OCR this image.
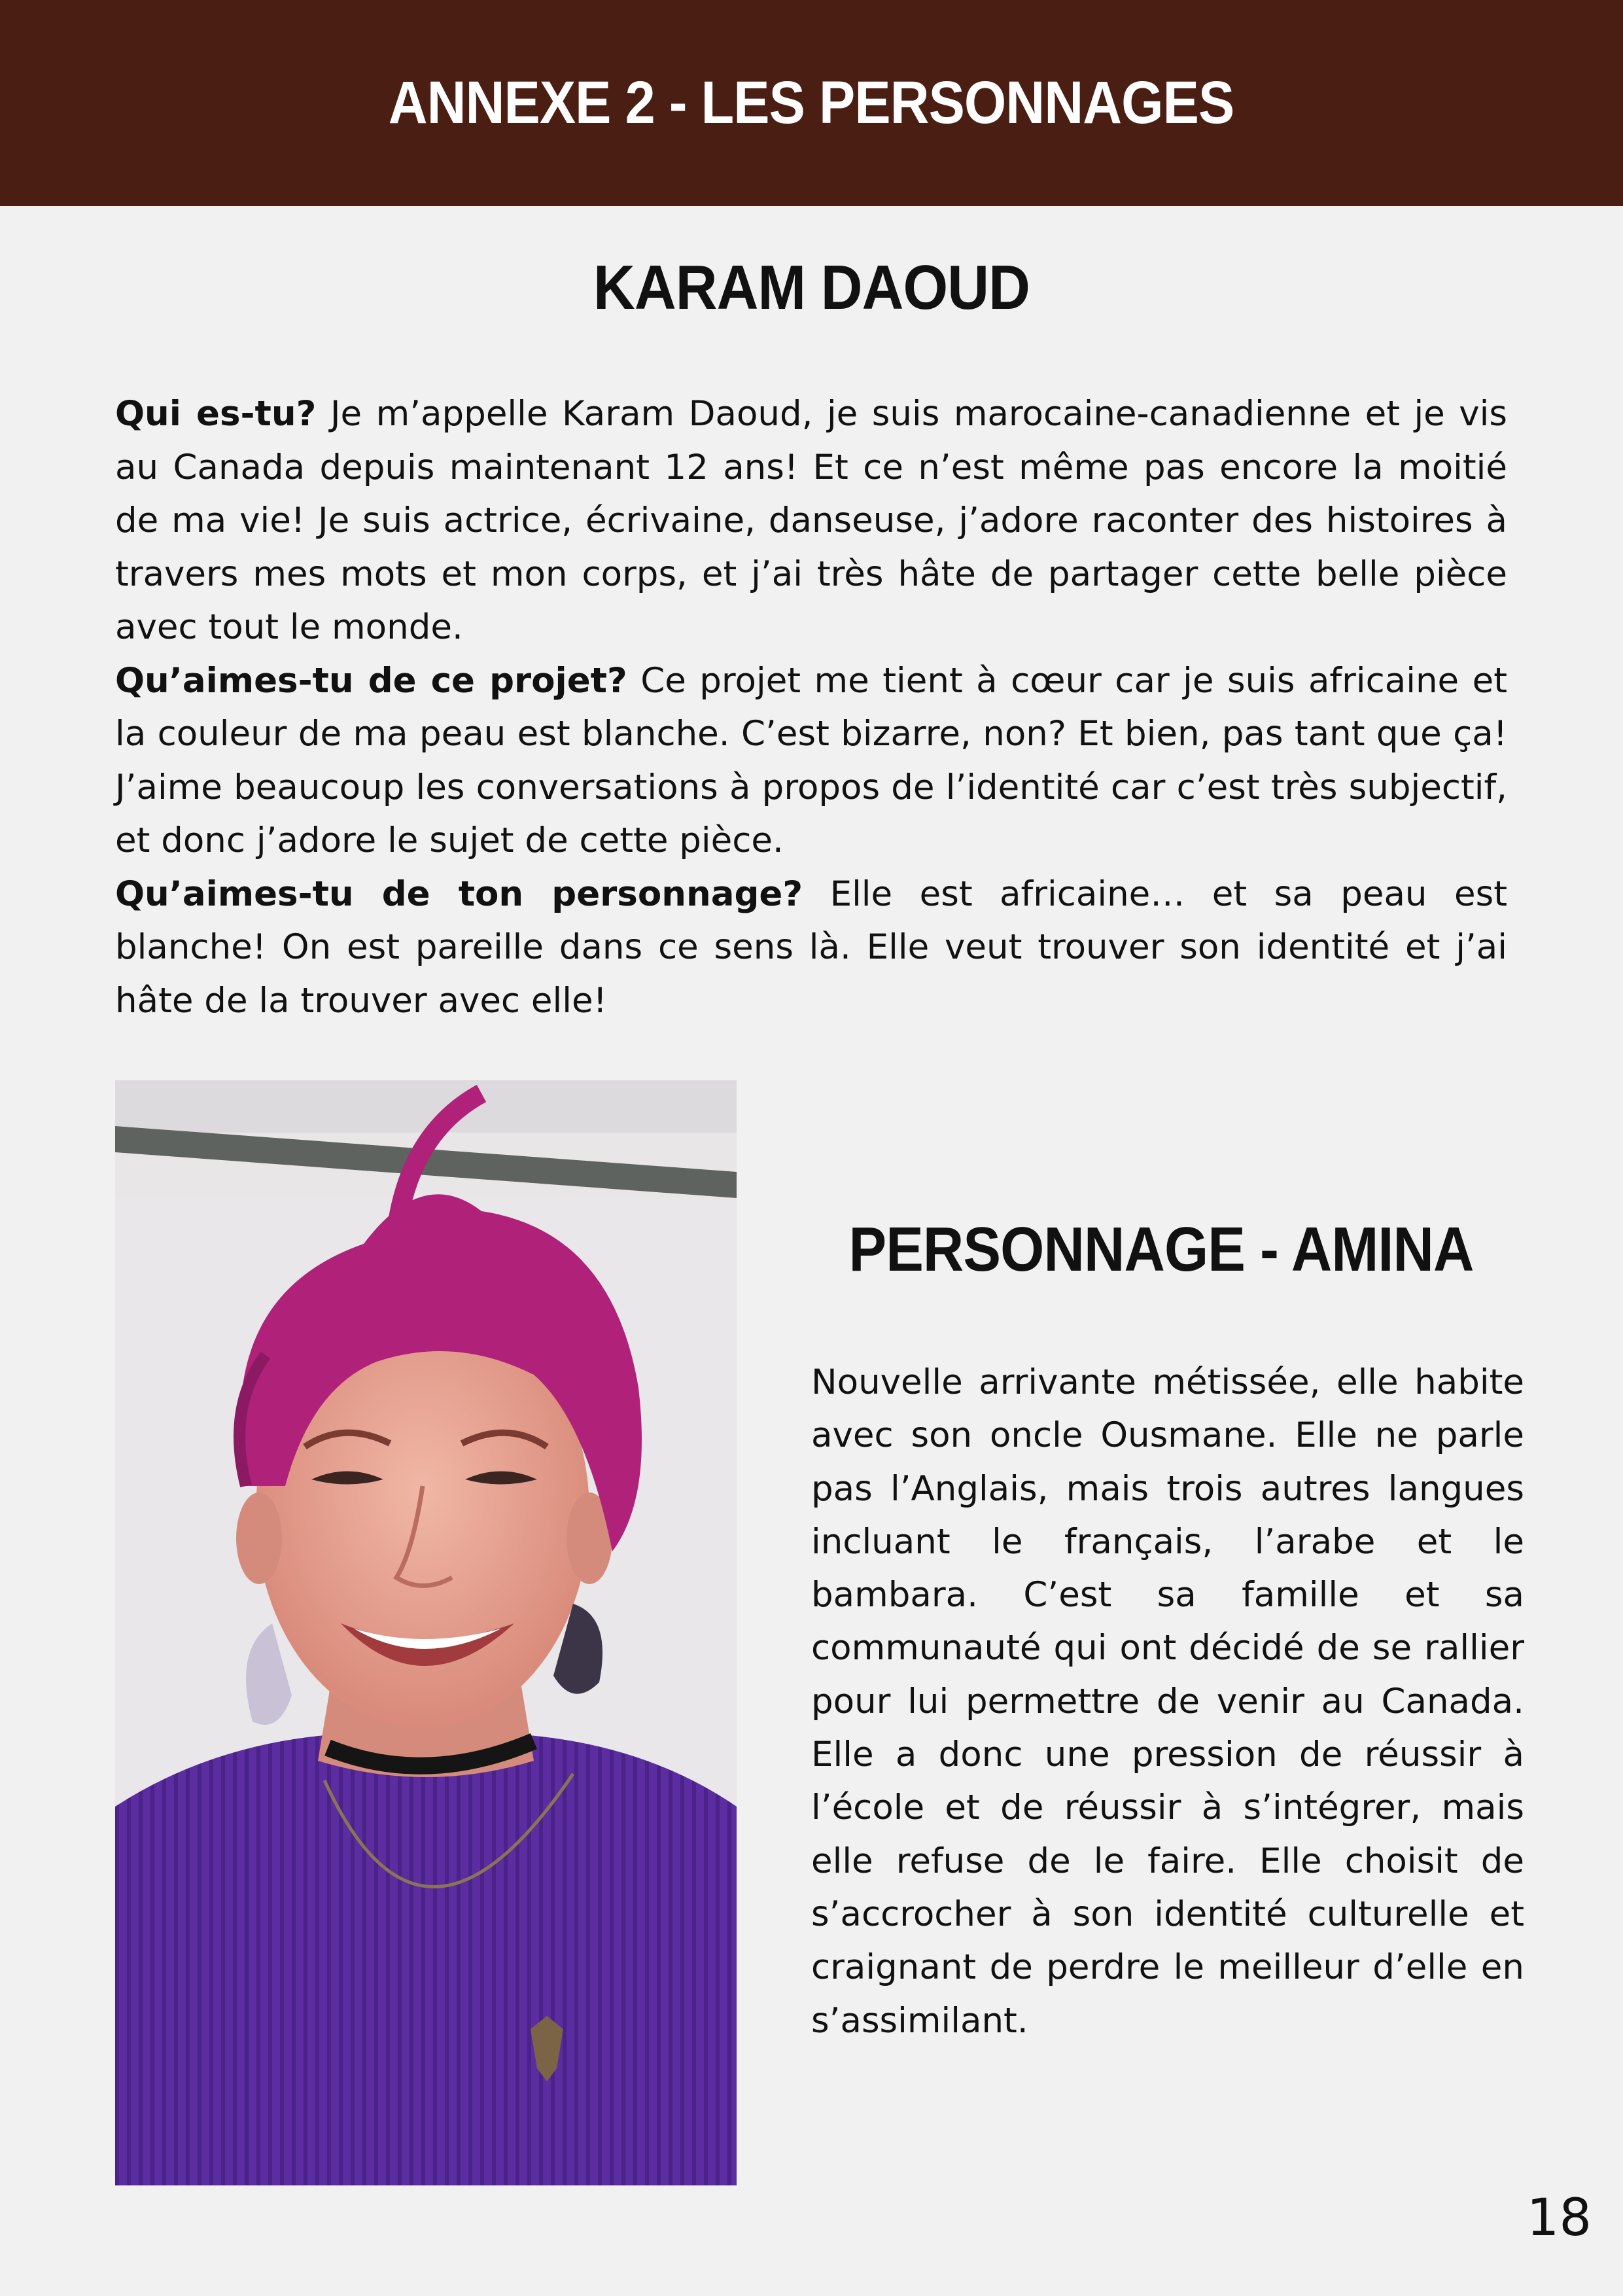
ANNEXE 2 - LES PERSONNAGES
KARAM DAOUD

Qui es-tu? Je m’appelle Karam Daoud, je suis marocaine-canadienne et je vis au Canada depuis maintenant 12 ans! Et ce n’est même pas encore la moitié de ma vie! Je suis actrice, écrivaine, danseuse, j’adore raconter des histoires à travers mes mots et mon corps, et j’ai très hâte de partager cette belle pièce avec tout le monde.

Qu’aimes-tu de ce projet? Ce projet me tient à cœur car je suis africaine et la couleur de ma peau est blanche. C’est bizarre, non? Et bien, pas tant que ça! J’aime beaucoup les conversations à propos de l’identité car c’est très subjectif, et donc j’adore le sujet de cette pièce.

Qu’aimes-tu de ton personnage? Elle est africaine… et sa peau est blanche! On est pareille dans ce sens là. Elle veut trouver son identité et j’ai hâte de la trouver avec elle!

PERSONNAGE - AMINA

Nouvelle arrivante métissée, elle habite avec son oncle Ousmane. Elle ne parle pas l’Anglais, mais trois autres langues incluant le français, l’arabe et le bambara. C’est sa famille et sa communauté qui ont décidé de se rallier pour lui permettre de venir au Canada. Elle a donc une pression de réussir à l’école et de réussir à s’intégrer, mais elle refuse de le faire. Elle choisit de s’accrocher à son identité culturelle et craignant de perdre le meilleur d’elle en s’assimilant.

18
